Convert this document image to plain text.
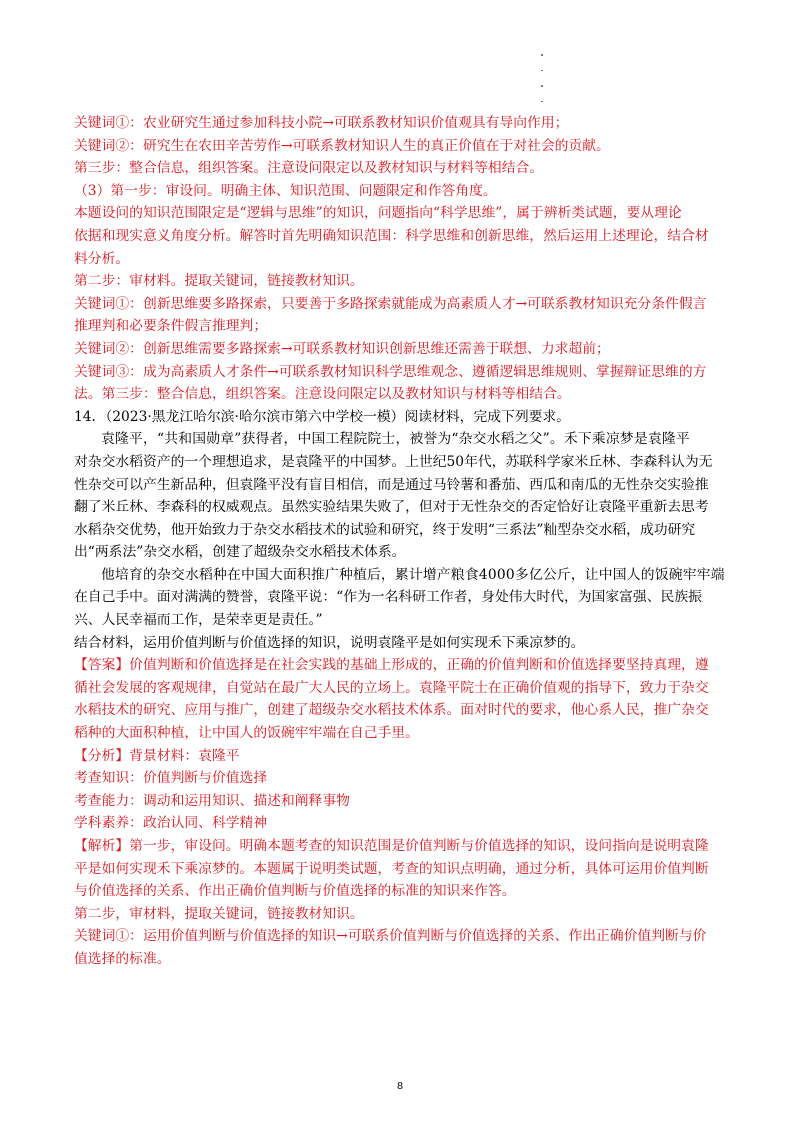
关键词①：农业研究生通过参加科技小院→可联系教材知识价值观具有导向作用；
关键词②：研究生在农田辛苦劳作→可联系教材知识人生的真正价值在于对社会的贡献。
第三步：整合信息，组织答案。注意设问限定以及教材知识与材料等相结合。
（3）第一步：审设问。明确主体、知识范围、问题限定和作答角度。
本题设问的知识范围限定是“逻辑与思维”的知识，问题指向“科学思维”，属于辨析类试题，要从理论
依据和现实意义角度分析。解答时首先明确知识范围：科学思维和创新思维，然后运用上述理论，结合材
料分析。
第二步：审材料。提取关键词，链接教材知识。
关键词①：创新思维要多路探索，只要善于多路探索就能成为高素质人才→可联系教材知识充分条件假言
推理判和必要条件假言推理判；
关键词②：创新思维需要多路探索→可联系教材知识创新思维还需善于联想、力求超前；
关键词③：成为高素质人才条件→可联系教材知识科学思维观念、遵循逻辑思维规则、掌握辩证思维的方
法。第三步：整合信息，组织答案。注意设问限定以及教材知识与材料等相结合。
14．（2023·黑龙江哈尔滨·哈尔滨市第六中学校一模）阅读材料，完成下列要求。
袁隆平，“共和国勋章”获得者，中国工程院院士，被誉为“杂交水稻之父”。禾下乘凉梦是袁隆平
对杂交水稻资产的一个理想追求，是袁隆平的中国梦。上世纪50年代，苏联科学家米丘林、李森科认为无
性杂交可以产生新品种，但袁隆平没有盲目相信，而是通过马铃薯和番茄、西瓜和南瓜的无性杂交实验推
翻了米丘林、李森科的权威观点。虽然实验结果失败了，但对于无性杂交的否定恰好让袁隆平重新去思考
水稻杂交优势，他开始致力于杂交水稻技术的试验和研究，终于发明“三系法”籼型杂交水稻，成功研究
出“两系法”杂交水稻，创建了超级杂交水稻技术体系。
他培育的杂交水稻种在中国大面积推广种植后，累计增产粮食4000多亿公斤，让中国人的饭碗牢牢端
在自己手中。面对满满的赞誉，袁隆平说：“作为一名科研工作者，身处伟大时代，为国家富强、民族振
兴、人民幸福而工作，是荣幸更是责任。”
结合材料，运用价值判断与价值选择的知识，说明袁隆平是如何实现禾下乘凉梦的。
【答案】价值判断和价值选择是在社会实践的基础上形成的，正确的价值判断和价值选择要坚持真理，遵
循社会发展的客观规律，自觉站在最广大人民的立场上。袁隆平院士在正确价值观的指导下，致力于杂交
水稻技术的研究、应用与推广，创建了超级杂交水稻技术体系。面对时代的要求，他心系人民，推广杂交
稻种的大面积种植，让中国人的饭碗牢牢端在自己手里。
【分析】背景材料：袁隆平
考查知识：价值判断与价值选择
考查能力：调动和运用知识、描述和阐释事物
学科素养：政治认同、科学精神
【解析】第一步，审设问。明确本题考查的知识范围是价值判断与价值选择的知识，设问指向是说明袁隆
平是如何实现禾下乘凉梦的。本题属于说明类试题，考查的知识点明确，通过分析，具体可运用价值判断
与价值选择的关系、作出正确价值判断与价值选择的标准的知识来作答。
第二步，审材料，提取关键词，链接教材知识。
关键词①：运用价值判断与价值选择的知识→可联系价值判断与价值选择的关系、作出正确价值判断与价
值选择的标准。
8
